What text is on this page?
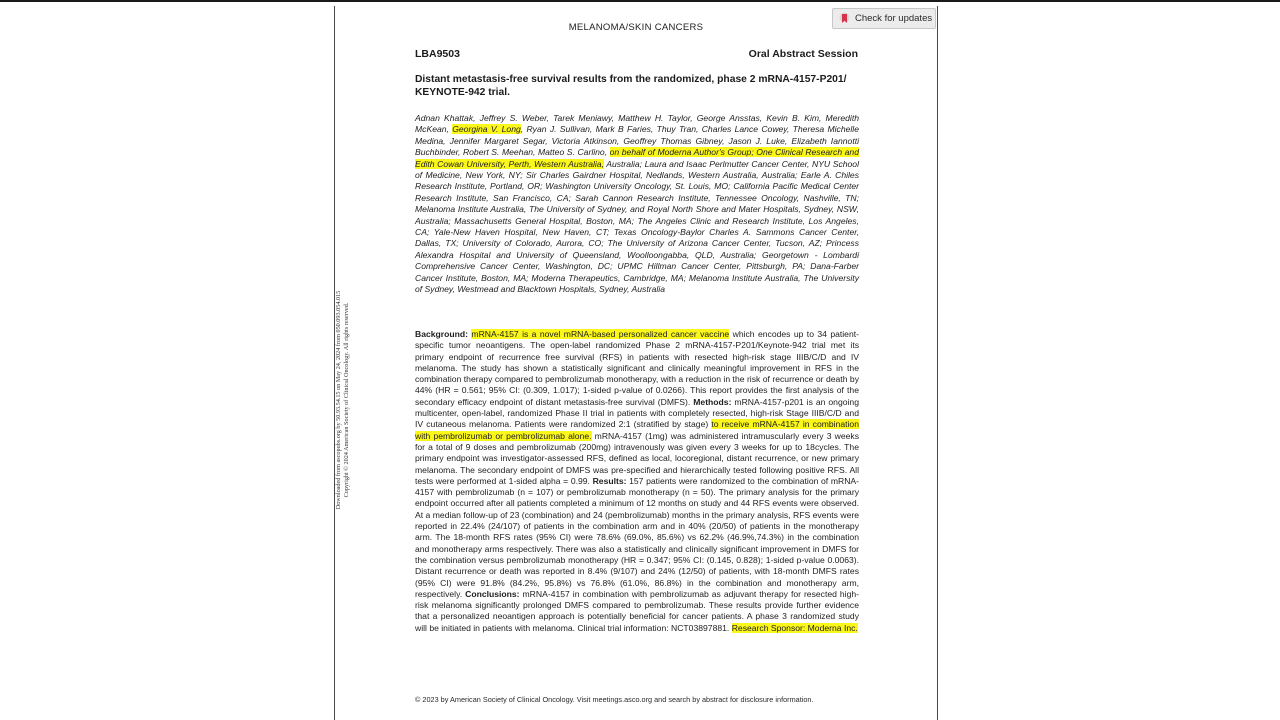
Check for updates
Downloaded from ascopubs.org by 50.93.54.15 on May 24, 2024 from 050.093.054.015 Copyright © 2024 American Society of Clinical Oncology. All rights reserved.
MELANOMA/SKIN CANCERS
LBA9503	Oral Abstract Session
Distant metastasis-free survival results from the randomized, phase 2 mRNA-4157-P201/ KEYNOTE-942 trial.
Adnan Khattak, Jeffrey S. Weber, Tarek Meniawy, Matthew H. Taylor, George Ansstas, Kevin B. Kim, Meredith McKean, Georgina V. Long, Ryan J. Sullivan, Mark B Faries, Thuy Tran, Charles Lance Cowey, Theresa Michelle Medina, Jennifer Margaret Segar, Victoria Atkinson, Geoffrey Thomas Gibney, Jason J. Luke, Elizabeth Iannotti Buchbinder, Robert S. Meehan, Matteo S. Carlino, on behalf of Moderna Author's Group; One Clinical Research and Edith Cowan University, Perth, Western Australia, Australia; Laura and Isaac Perlmutter Cancer Center, NYU School of Medicine, New York, NY; Sir Charles Gairdner Hospital, Nedlands, Western Australia, Australia; Earle A. Chiles Research Institute, Portland, OR; Washington University Oncology, St. Louis, MO; California Pacific Medical Center Research Institute, San Francisco, CA; Sarah Cannon Research Institute, Tennessee Oncology, Nashville, TN; Melanoma Institute Australia, The University of Sydney, and Royal North Shore and Mater Hospitals, Sydney, NSW, Australia; Massachusetts General Hospital, Boston, MA; The Angeles Clinic and Research Institute, Los Angeles, CA; Yale-New Haven Hospital, New Haven, CT; Texas Oncology-Baylor Charles A. Sammons Cancer Center, Dallas, TX; University of Colorado, Aurora, CO; The University of Arizona Cancer Center, Tucson, AZ; Princess Alexandra Hospital and University of Queensland, Woolloongabba, QLD, Australia; Georgetown - Lombardi Comprehensive Cancer Center, Washington, DC; UPMC Hillman Cancer Center, Pittsburgh, PA; Dana-Farber Cancer Institute, Boston, MA; Moderna Therapeutics, Cambridge, MA; Melanoma Institute Australia, The University of Sydney, Westmead and Blacktown Hospitals, Sydney, Australia
Background: mRNA-4157 is a novel mRNA-based personalized cancer vaccine which encodes up to 34 patient-specific tumor neoantigens. The open-label randomized Phase 2 mRNA-4157-P201/Keynote-942 trial met its primary endpoint of recurrence free survival (RFS) in patients with resected high-risk stage IIIB/C/D and IV melanoma. The study has shown a statistically significant and clinically meaningful improvement in RFS in the combination therapy compared to pembrolizumab monotherapy, with a reduction in the risk of recurrence or death by 44% (HR = 0.561; 95% CI: (0.309, 1.017); 1-sided p-value of 0.0266). This report provides the first analysis of the secondary efficacy endpoint of distant metastasis-free survival (DMFS). Methods: mRNA-4157-p201 is an ongoing multicenter, open-label, randomized Phase II trial in patients with completely resected, high-risk Stage IIIB/C/D and IV cutaneous melanoma. Patients were randomized 2:1 (stratified by stage) to receive mRNA-4157 in combination with pembrolizumab or pembrolizumab alone. mRNA-4157 (1mg) was administered intramuscularly every 3 weeks for a total of 9 doses and pembrolizumab (200mg) intravenously was given every 3 weeks for up to 18cycles. The primary endpoint was investigator-assessed RFS, defined as local, locoregional, distant recurrence, or new primary melanoma. The secondary endpoint of DMFS was pre-specified and hierarchically tested following positive RFS. All tests were performed at 1-sided alpha = 0.99. Results: 157 patients were randomized to the combination of mRNA-4157 with pembrolizumab (n = 107) or pembrolizumab monotherapy (n = 50). The primary analysis for the primary endpoint occurred after all patients completed a minimum of 12 months on study and 44 RFS events were observed. At a median follow-up of 23 (combination) and 24 (pembrolizumab) months in the primary analysis, RFS events were reported in 22.4% (24/107) of patients in the combination arm and in 40% (20/50) of patients in the monotherapy arm. The 18-month RFS rates (95% CI) were 78.6% (69.0%, 85.6%) vs 62.2% (46.9%,74.3%) in the combination and monotherapy arms respectively. There was also a statistically and clinically significant improvement in DMFS for the combination versus pembrolizumab monotherapy (HR = 0.347; 95% CI: (0.145, 0.828); 1-sided p-value 0.0063). Distant recurrence or death was reported in 8.4% (9/107) and 24% (12/50) of patients, with 18-month DMFS rates (95% CI) were 91.8% (84.2%, 95.8%) vs 76.8% (61.0%, 86.8%) in the combination and monotherapy arm, respectively. Conclusions: mRNA-4157 in combination with pembrolizumab as adjuvant therapy for resected high-risk melanoma significantly prolonged DMFS compared to pembrolizumab. These results provide further evidence that a personalized neoantigen approach is potentially beneficial for cancer patients. A phase 3 randomized study will be initiated in patients with melanoma. Clinical trial information: NCT03897881. Research Sponsor: Moderna Inc.
© 2023 by American Society of Clinical Oncology. Visit meetings.asco.org and search by abstract for disclosure information.
